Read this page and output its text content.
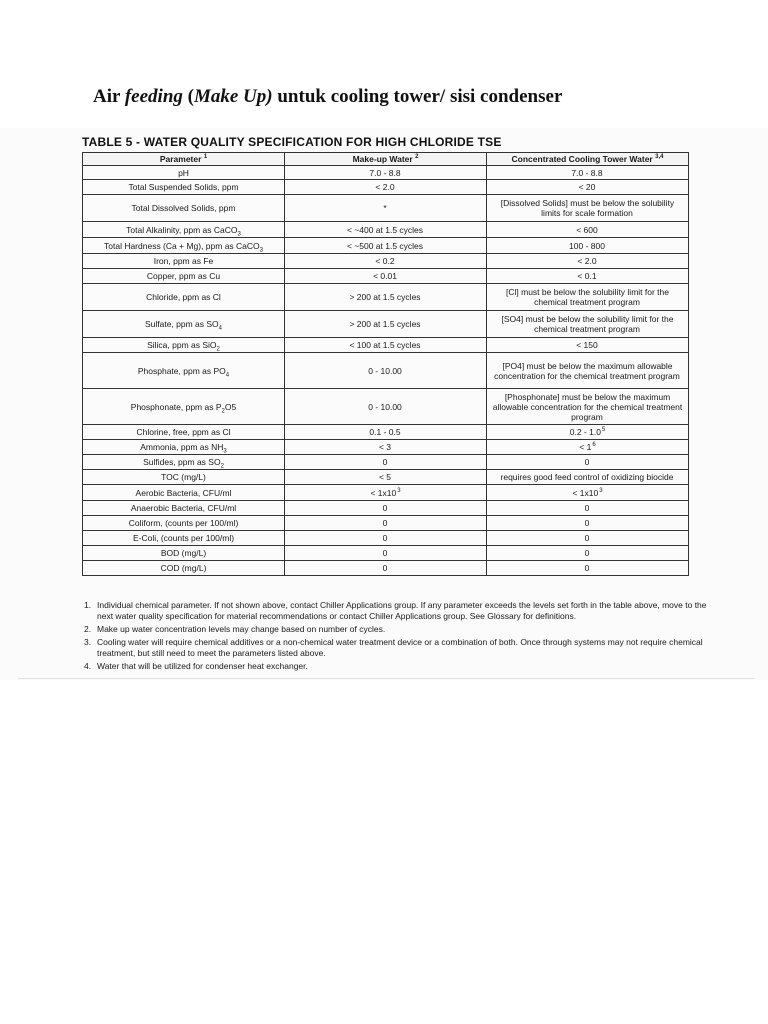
Air feeding (Make Up) untuk cooling tower/ sisi condenser
TABLE 5 - WATER QUALITY SPECIFICATION FOR HIGH CHLORIDE TSE
Parameter $^1$	Make-up Water $^2$	Concentrated Cooling Tower Water $^{3,4}$
pH	7.0 - 8.8	7.0 - 8.8
Total Suspended Solids, ppm	< 2.0	< 20
Total Dissolved Solids, ppm	*	[Dissolved Solids] must be below the solubility limits for scale formation
Total Alkalinity, ppm as CaCO$_3$	< ~400 at 1.5 cycles	< 600
Total Hardness (Ca + Mg), ppm as CaCO$_3$	< ~500 at 1.5 cycles	100 - 800
Iron, ppm as Fe	< 0.2	< 2.0
Copper, ppm as Cu	< 0.01	< 0.1
Chloride, ppm as Cl	> 200 at 1.5 cycles	[Cl] must be below the solubility limit for the chemical treatment program
Sulfate, ppm as $SO_4$	> 200 at 1.5 cycles	[SO4] must be below the solubility limit for the chemical treatment program
Silica, ppm as SiO$_2$	< 100 at 1.5 cycles	< 150
Phosphate, ppm as $PO_4$	0 - 10.00	[PO4] must be below the maximum allowable concentration for the chemical treatment program
Phosphonate, ppm as $P_2O5$	0 - 10.00	[Phosphonate] must be below the maximum allowable concentration for the chemical treatment program
Chlorine, free, ppm as Cl	0.1 - 0.5	$0.2 - 1.0^5$
Ammonia, ppm as $NH_3$	< 3	< $1^6$
Sulfides, ppm as $SO_2$	0	0
TOC (mg/L)	< 5	requires good feed control of oxidizing biocide
Aerobic Bacteria, CFU/ml	< $1x10^3$	< $1x10^3$
Anaerobic Bacteria, CFU/ml	0	0
Coliform, (counts per 100/ml)	0	0
E-Coli, (counts per 100/ml)	0	0
BOD (mg/L)	0	0
COD (mg/L)	0	0
1. Individual chemical parameter. If not shown above, contact Chiller Applications group. If any parameter exceeds the levels set forth in the table above, move to the next water quality specification for material recommendations or contact Chiller Applications group. See Glossary for definitions.
2. Make up water concentration levels may change based on number of cycles.
3. Cooling water will require chemical additives or a non-chemical water treatment device or a combination of both. Once through systems may not require chemical treatment, but still need to meet the parameters listed above.
4. Water that will be utilized for condenser heat exchanger.
